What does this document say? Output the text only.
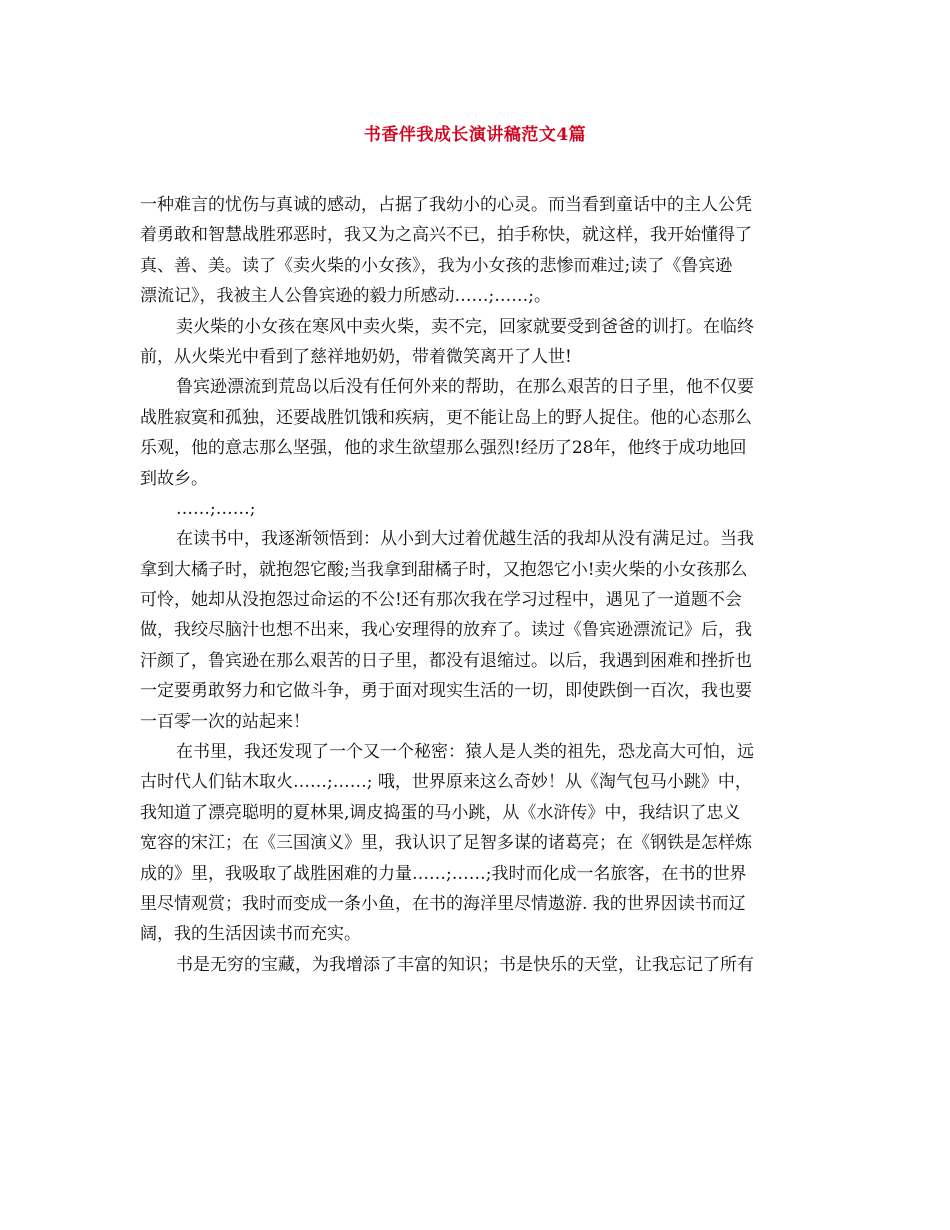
书香伴我成长演讲稿范文4篇
一种难言的忧伤与真诚的感动，占据了我幼小的心灵。而当看到童话中的主人公凭
着勇敢和智慧战胜邪恶时，我又为之高兴不已，拍手称快，就这样，我开始懂得了
真、善、美。读了《卖火柴的小女孩》，我为小女孩的悲惨而难过;读了《鲁宾逊
漂流记》，我被主人公鲁宾逊的毅力所感动……;……;。
卖火柴的小女孩在寒风中卖火柴，卖不完，回家就要受到爸爸的训打。在临终
前，从火柴光中看到了慈祥地奶奶，带着微笑离开了人世!
鲁宾逊漂流到荒岛以后没有任何外来的帮助，在那么艰苦的日子里，他不仅要
战胜寂寞和孤独，还要战胜饥饿和疾病，更不能让岛上的野人捉住。他的心态那么
乐观，他的意志那么坚强，他的求生欲望那么强烈!经历了28年，他终于成功地回
到故乡。
……;……;
在读书中，我逐渐领悟到：从小到大过着优越生活的我却从没有满足过。当我
拿到大橘子时，就抱怨它酸;当我拿到甜橘子时，又抱怨它小!卖火柴的小女孩那么
可怜，她却从没抱怨过命运的不公!还有那次我在学习过程中，遇见了一道题不会
做，我绞尽脑汁也想不出来，我心安理得的放弃了。读过《鲁宾逊漂流记》后，我
汗颜了，鲁宾逊在那么艰苦的日子里，都没有退缩过。以后，我遇到困难和挫折也
一定要勇敢努力和它做斗争，勇于面对现实生活的一切，即使跌倒一百次，我也要
一百零一次的站起来！
在书里，我还发现了一个又一个秘密：猿人是人类的祖先，恐龙高大可怕，远
古时代人们钻木取火……;……; 哦，世界原来这么奇妙！从《淘气包马小跳》中，
我知道了漂亮聪明的夏林果,调皮捣蛋的马小跳，从《水浒传》中，我结识了忠义
宽容的宋江；在《三国演义》里，我认识了足智多谋的诸葛亮；在《钢铁是怎样炼
成的》里，我吸取了战胜困难的力量……;……;我时而化成一名旅客，在书的世界
里尽情观赏；我时而变成一条小鱼，在书的海洋里尽情遨游. 我的世界因读书而辽
阔，我的生活因读书而充实。
书是无穷的宝藏，为我增添了丰富的知识；书是快乐的天堂，让我忘记了所有
